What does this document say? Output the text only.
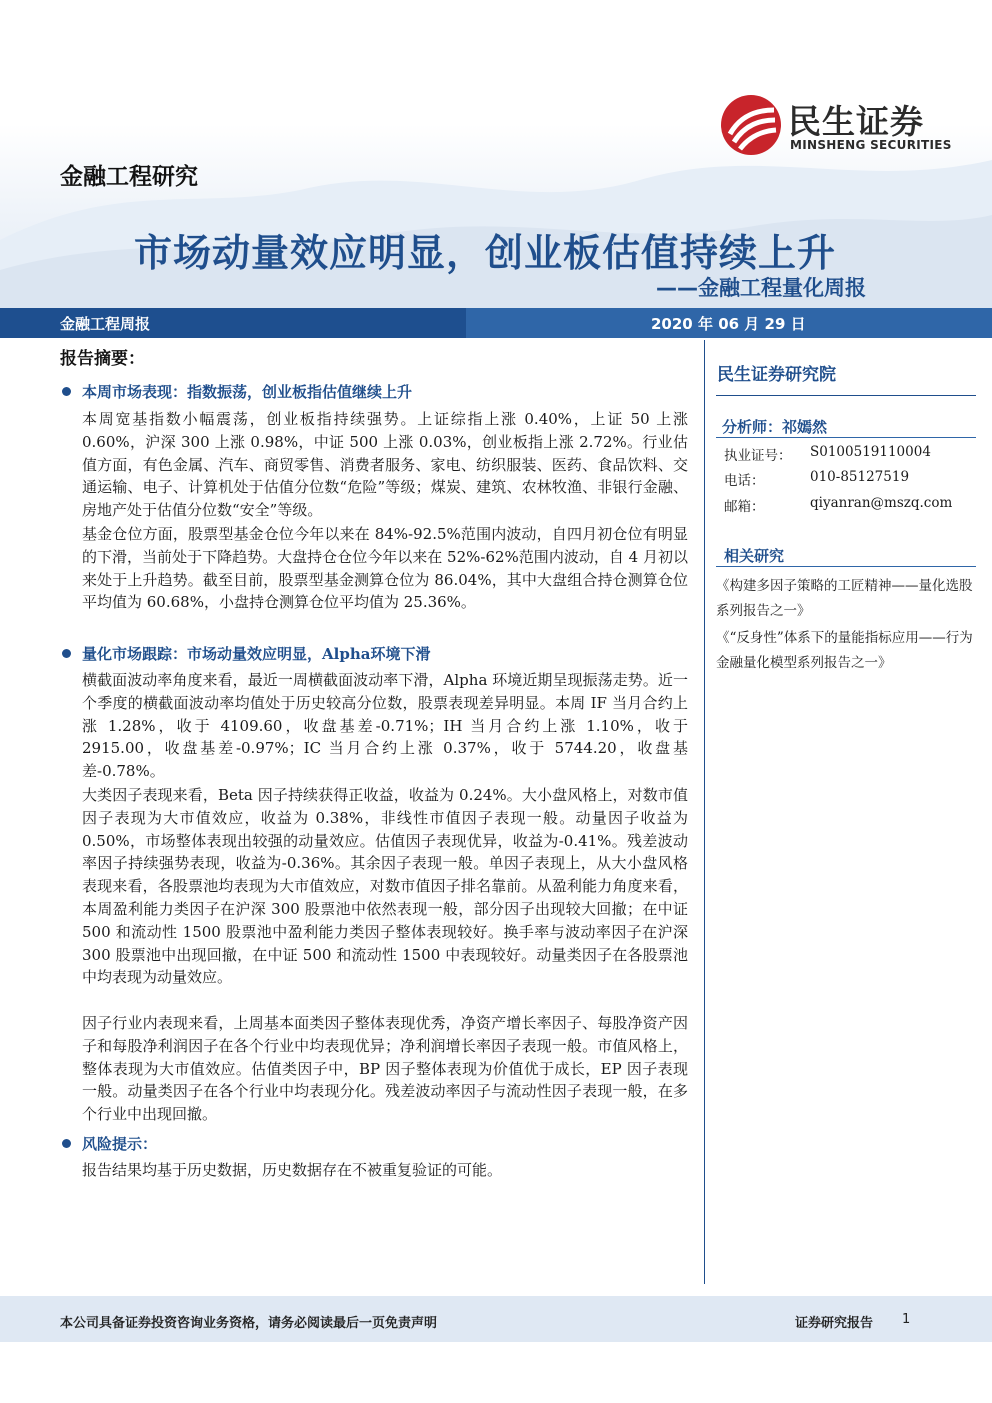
民生证券
MINSHENG SECURITIES
金融工程研究
市场动量效应明显，创业板估值持续上升
——金融工程量化周报
金融工程周报	2020 年 06 月 29 日
报告摘要：
本周市场表现：指数振荡，创业板指估值继续上升
本周宽基指数小幅震荡，创业板指持续强势。上证综指上涨 0.40%，上证 50 上涨 0.60%，沪深 300 上涨 0.98%，中证 500 上涨 0.03%，创业板指上涨 2.72%。行业估值方面，有色金属、汽车、商贸零售、消费者服务、家电、纺织服装、医药、食品饮料、交通运输、电子、计算机处于估值分位数“危险”等级；煤炭、建筑、农林牧渔、非银行金融、房地产处于估值分位数“安全”等级。
基金仓位方面，股票型基金仓位今年以来在 84%-92.5%范围内波动，自四月初仓位有明显的下滑，当前处于下降趋势。大盘持仓仓位今年以来在 52%-62%范围内波动，自 4 月初以来处于上升趋势。截至目前，股票型基金测算仓位为 86.04%，其中大盘组合持仓测算仓位平均值为 60.68%，小盘持仓测算仓位平均值为 25.36%。
量化市场跟踪：市场动量效应明显，Alpha环境下滑
横截面波动率角度来看，最近一周横截面波动率下滑，Alpha 环境近期呈现振荡走势。近一个季度的横截面波动率均值处于历史较高分位数，股票表现差异明显。本周 IF 当月合约上涨 1.28%，收于 4109.60，收盘基差-0.71%；IH 当月合约上涨 1.10%，收于 2915.00，收盘基差-0.97%；IC 当月合约上涨 0.37%，收于 5744.20，收盘基差-0.78%。
大类因子表现来看，Beta 因子持续获得正收益，收益为 0.24%。大小盘风格上，对数市值因子表现为大市值效应，收益为 0.38%，非线性市值因子表现一般。动量因子收益为 0.50%，市场整体表现出较强的动量效应。估值因子表现优异，收益为-0.41%。残差波动率因子持续强势表现，收益为-0.36%。其余因子表现一般。单因子表现上，从大小盘风格表现来看，各股票池均表现为大市值效应，对数市值因子排名靠前。从盈利能力角度来看，本周盈利能力类因子在沪深 300 股票池中依然表现一般，部分因子出现较大回撤；在中证 500 和流动性 1500 股票池中盈利能力类因子整体表现较好。换手率与波动率因子在沪深 300 股票池中出现回撤，在中证 500 和流动性 1500 中表现较好。动量类因子在各股票池中均表现为动量效应。
因子行业内表现来看，上周基本面类因子整体表现优秀，净资产增长率因子、每股净资产因子和每股净利润因子在各个行业中均表现优异；净利润增长率因子表现一般。市值风格上，整体表现为大市值效应。估值类因子中，BP 因子整体表现为价值优于成长，EP 因子表现一般。动量类因子在各个行业中均表现分化。残差波动率因子与流动性因子表现一般，在多个行业中出现回撤。
风险提示：
报告结果均基于历史数据，历史数据存在不被重复验证的可能。
民生证券研究院
分析师：祁嫣然
执业证号： S0100519110004
电话：	010-85127519
邮箱：	qiyanran@mszq.com
相关研究
《构建多因子策略的工匠精神——量化选股系列报告之一》
《“反身性”体系下的量能指标应用——行为金融量化模型系列报告之一》
本公司具备证券投资咨询业务资格，请务必阅读最后一页免责声明	证券研究报告 1
